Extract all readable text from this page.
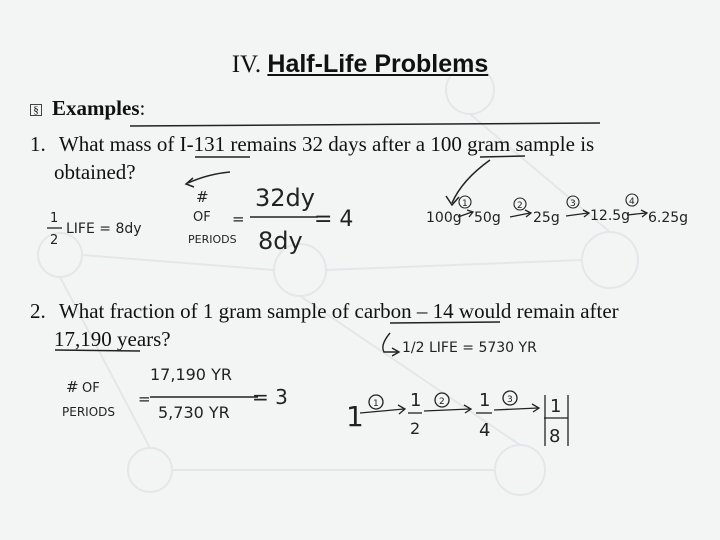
IV. Half-Life Problems
§ Examples:
1. What mass of I-131 remains 32 days after a 100 gram sample is
obtained?
2. What fraction of 1 gram sample of carbon – 14 would remain after
17,190 years?
1
2
LIFE = 8dy
#
OF
PERIODS
=
32dy
8dy
= 4	100g 50g 25g 12.5g 6.25g
1	2	3	4
1/2 LIFE = 5730 YR
# OF
PERIODS
=
17,190 YR
5,730 YR
= 3
1	1
2
1
4
1
8
1	2	3
